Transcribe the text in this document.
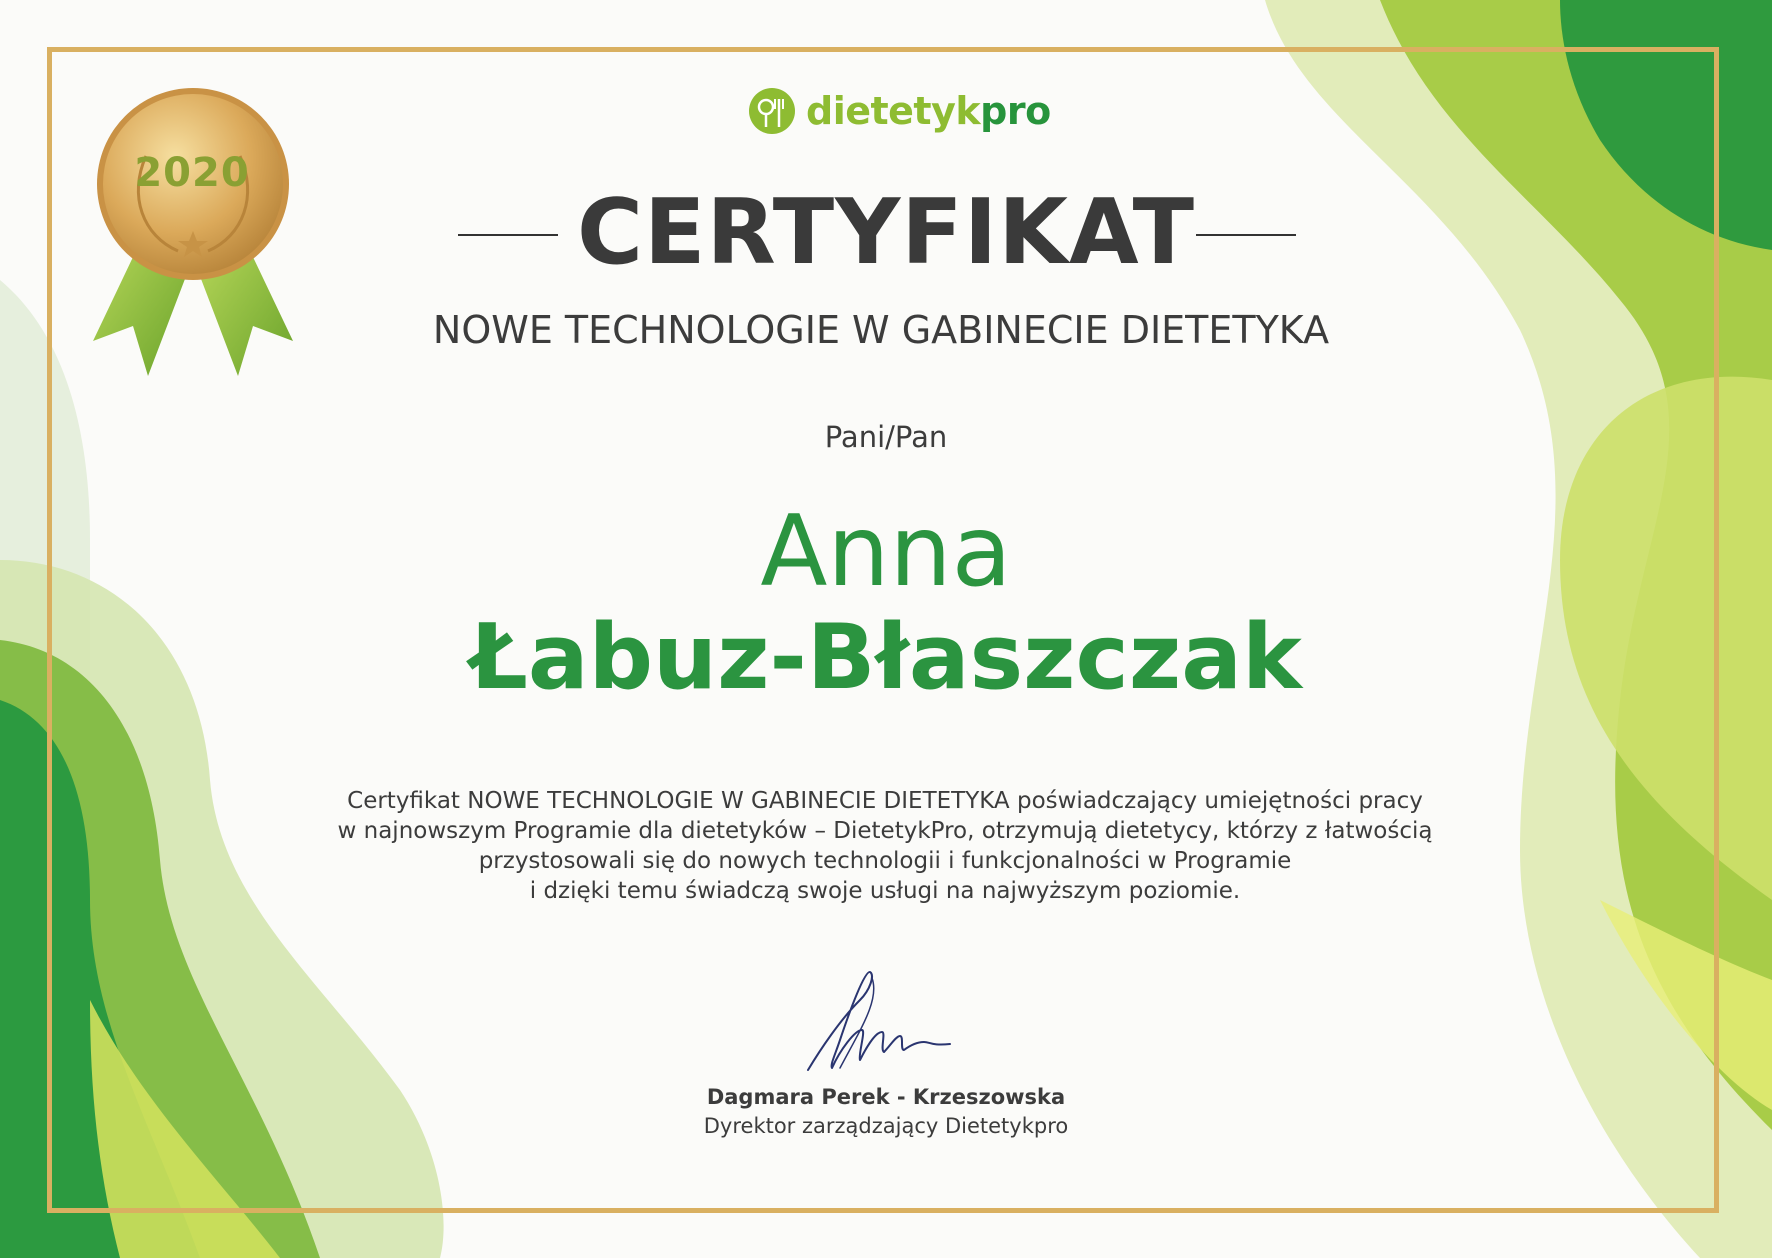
2020
dietetykpro
CERTYFIKAT
NOWE TECHNOLOGIE W GABINECIE DIETETYKA
Pani/Pan
Anna
Łabuz-Błaszczak
Certyfikat NOWE TECHNOLOGIE W GABINECIE DIETETYKA poświadczający umiejętności pracy
w najnowszym Programie dla dietetyków – DietetykPro, otrzymują dietetycy, którzy z łatwością
przystosowali się do nowych technologii i funkcjonalności w Programie
i dzięki temu świadczą swoje usługi na najwyższym poziomie.
Dagmara Perek - Krzeszowska
Dyrektor zarządzający Dietetykpro
